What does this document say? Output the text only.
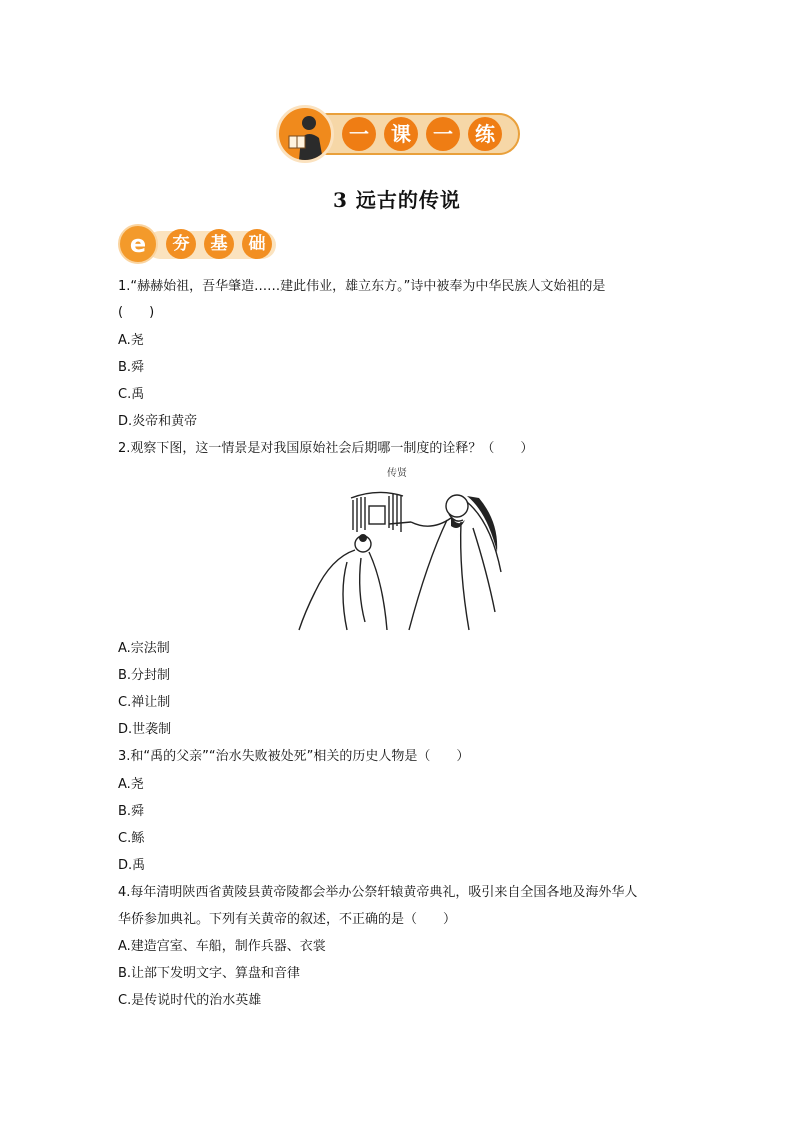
一	课	一	练
3 远古的传说
e	夯	基	础
1.“赫赫始祖，吾华肇造……建此伟业，雄立东方。”诗中被奉为中华民族人文始祖的是
(　　)
A.尧
B.舜
C.禹
D.炎帝和黄帝
2.观察下图，这一情景是对我国原始社会后期哪一制度的诠释？（　　）
传贤
A.宗法制
B.分封制
C.禅让制
D.世袭制
3.和“禹的父亲”“治水失败被处死”相关的历史人物是（　　）
A.尧
B.舜
C.鲧
D.禹
4.每年清明陕西省黄陵县黄帝陵都会举办公祭轩辕黄帝典礼，吸引来自全国各地及海外华人
华侨参加典礼。下列有关黄帝的叙述，不正确的是（　　）
A.建造宫室、车船，制作兵器、衣裳
B.让部下发明文字、算盘和音律
C.是传说时代的治水英雄
